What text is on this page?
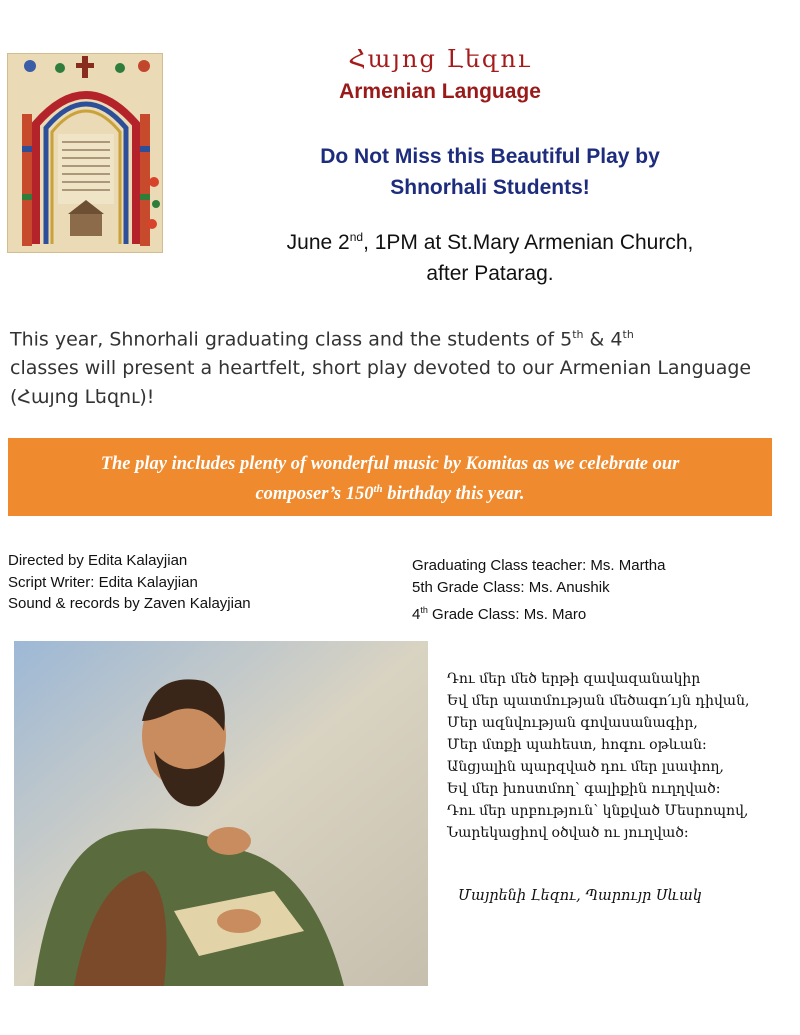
Հայոց Լեզու
Armenian Language
Do Not Miss this Beautiful Play by
Shnorhali Students!
June 2nd, 1PM at St.Mary Armenian Church,
after Patarag.
This year, Shnorhali graduating class and the students of 5th & 4th
classes will present a heartfelt, short play devoted to our Armenian Language (Հայոց Լեզու)!
The play includes plenty of wonderful music by Komitas as we celebrate our
composer’s 150th birthday this year.
Directed by Edita Kalayjian
Script Writer: Edita Kalayjian
Sound & records by Zaven Kalayjian
Graduating Class teacher: Ms. Martha
5th Grade Class: Ms. Anushik
4th Grade Class: Ms. Maro
Դու մեր մեծ երթի զավազանակիր
Եվ մեր պատմության մեծագո՛ւյն դիվան,
Մեր ազնվության գովասանագիր,
Մեր մտքի պահեստ, հոգու օթևան:
Անցյալին պարզված դու մեր լսափող,
Եվ մեր խոստմող՝ գալիքին ուղղված:
Դու մեր սրբություն՝ կնքված Մեսրոպով,
Նարեկացիով օծված ու յուղված:
Մայրենի Լեզու, Պարույր Սևակ
